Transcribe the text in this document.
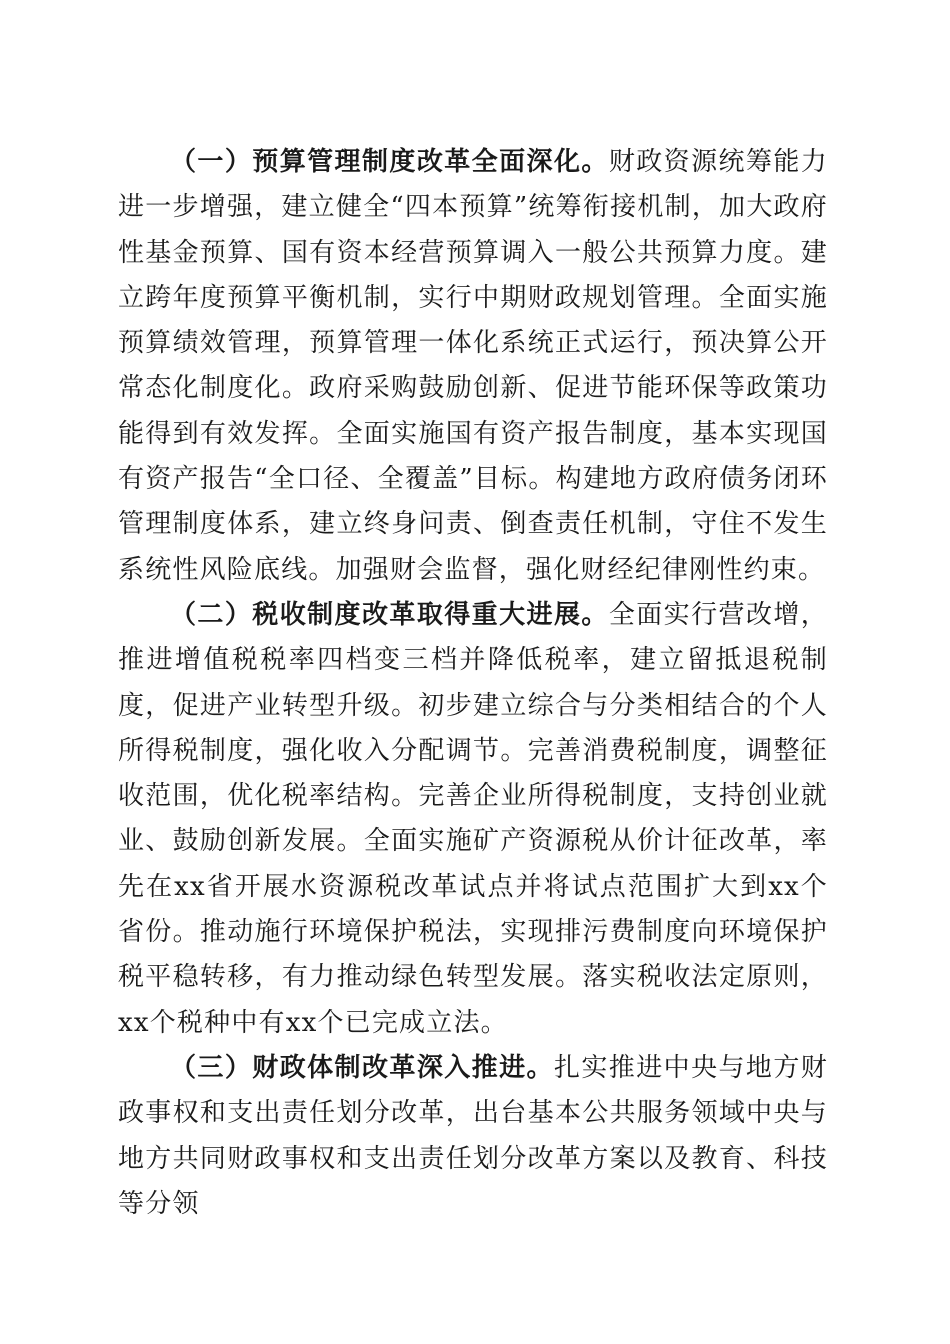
（一）预算管理制度改革全面深化。财政资源统筹能力进一步增强，建立健全“四本预算”统筹衔接机制，加大政府性基金预算、国有资本经营预算调入一般公共预算力度。建立跨年度预算平衡机制，实行中期财政规划管理。全面实施预算绩效管理，预算管理一体化系统正式运行，预决算公开常态化制度化。政府采购鼓励创新、促进节能环保等政策功能得到有效发挥。全面实施国有资产报告制度，基本实现国有资产报告“全口径、全覆盖”目标。构建地方政府债务闭环管理制度体系，建立终身问责、倒查责任机制，守住不发生系统性风险底线。加强财会监督，强化财经纪律刚性约束。

（二）税收制度改革取得重大进展。全面实行营改增，推进增值税税率四档变三档并降低税率，建立留抵退税制度，促进产业转型升级。初步建立综合与分类相结合的个人所得税制度，强化收入分配调节。完善消费税制度，调整征收范围，优化税率结构。完善企业所得税制度，支持创业就业、鼓励创新发展。全面实施矿产资源税从价计征改革，率先在xx省开展水资源税改革试点并将试点范围扩大到xx个省份。推动施行环境保护税法，实现排污费制度向环境保护税平稳转移，有力推动绿色转型发展。落实税收法定原则，xx个税种中有xx个已完成立法。

（三）财政体制改革深入推进。扎实推进中央与地方财政事权和支出责任划分改革，出台基本公共服务领域中央与地方共同财政事权和支出责任划分改革方案以及教育、科技等分领
